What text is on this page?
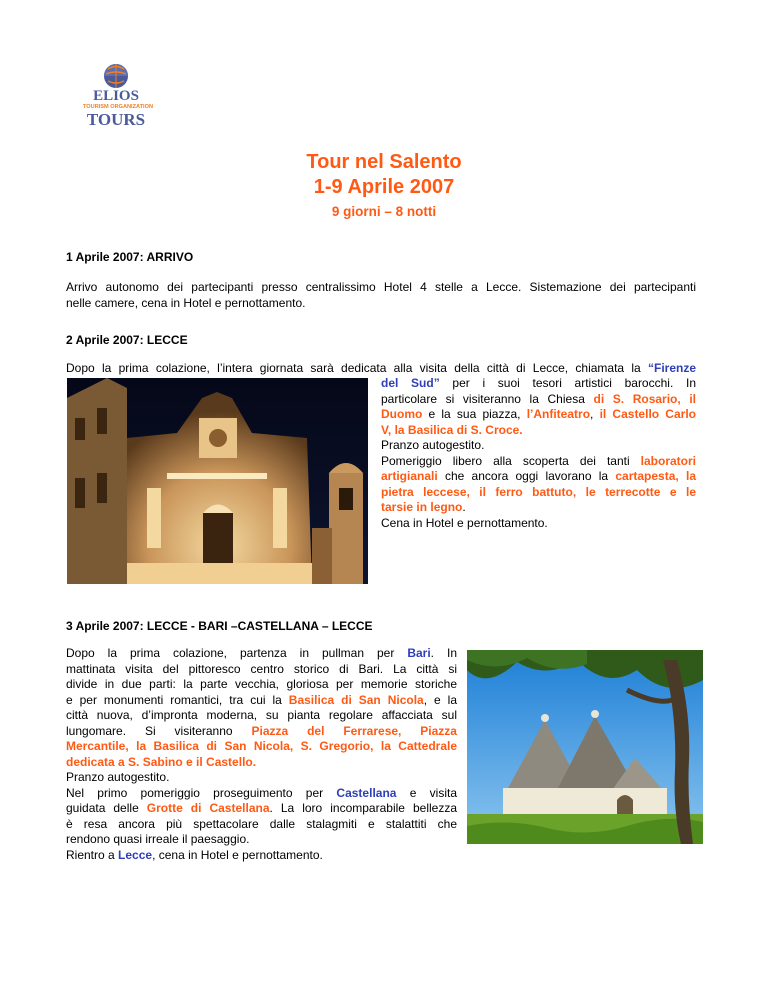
ELIOS
TOURISM ORGANIZATION
TOURS
Tour nel Salento
1-9 Aprile 2007
9 giorni – 8 notti
1 Aprile 2007: ARRIVO
Arrivo autonomo dei partecipanti presso centralissimo Hotel 4 stelle a Lecce. Sistemazione dei partecipanti
nelle camere, cena in Hotel e pernottamento.
2 Aprile 2007: LECCE
Dopo la prima colazione, l’intera giornata sarà dedicata alla visita della città di Lecce, chiamata la “Firenze
del Sud” per i suoi tesori artistici barocchi. In
particolare si visiteranno la Chiesa di S. Rosario, il
Duomo e la sua piazza, l’Anfiteatro, il Castello Carlo
V, la Basilica di S. Croce.
Pranzo autogestito.
Pomeriggio libero alla scoperta dei tanti laboratori
artigianali che ancora oggi lavorano la cartapesta, la
pietra leccese, il ferro battuto, le terrecotte e le
tarsie in legno.
Cena in Hotel e pernottamento.
3 Aprile 2007: LECCE - BARI –CASTELLANA – LECCE
Dopo la prima colazione, partenza in pullman per Bari. In
mattinata visita del pittoresco centro storico di Bari. La città si
divide in due parti: la parte vecchia, gloriosa per memorie storiche
e per monumenti romantici, tra cui la Basilica di San Nicola, e la
città nuova, d’impronta moderna, su pianta regolare affacciata sul
lungomare. Si visiteranno Piazza del Ferrarese, Piazza
Mercantile, la Basilica di San Nicola, S. Gregorio, la Cattedrale
dedicata a S. Sabino e il Castello.
Pranzo autogestito.
Nel primo pomeriggio proseguimento per Castellana e visita
guidata delle Grotte di Castellana. La loro incomparabile bellezza
è resa ancora più spettacolare dalle stalagmiti e stalattiti che
rendono quasi irreale il paesaggio.
Rientro a Lecce, cena in Hotel e pernottamento.
